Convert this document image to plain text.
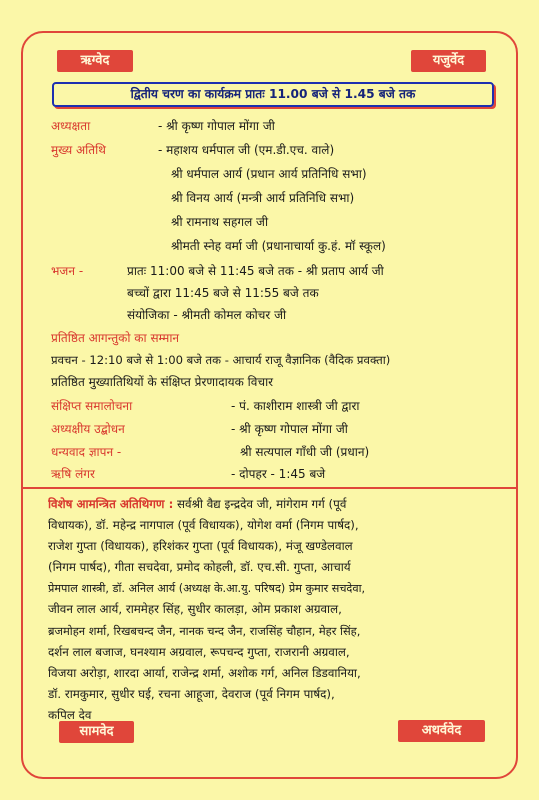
ऋग्वेद	यजुर्वेद
सामवेद	अथर्ववेद
द्वितीय चरण का कार्यक्रम प्रातः 11.00 बजे से 1.45 बजे तक
अध्यक्षता	- श्री कृष्ण गोपाल मोंगा जी
मुख्य अतिथि	- महाशय धर्मपाल जी (एम.डी.एच. वाले)
श्री धर्मपाल आर्य (प्रधान आर्य प्रतिनिधि सभा)
श्री विनय आर्य (मन्त्री आर्य प्रतिनिधि सभा)
श्री रामनाथ सहगल जी
श्रीमती स्नेह वर्मा जी (प्रधानाचार्या कु.हं. मॉ स्कूल)
भजन -	प्रातः 11:00 बजे से 11:45 बजे तक - श्री प्रताप आर्य जी
बच्चों द्वारा 11:45 बजे से 11:55 बजे तक
संयोजिका - श्रीमती कोमल कोचर जी
प्रतिष्ठित आगन्तुको का सम्मान
प्रवचन - 12:10 बजे से 1:00 बजे तक - आचार्य राजू वैज्ञानिक (वैदिक प्रवक्ता)
प्रतिष्ठित मुख्यातिथियों के संक्षिप्त प्रेरणादायक विचार
संक्षिप्त समालोचना	- पं. काशीराम शास्त्री जी द्वारा
अध्यक्षीय उद्बोधन	- श्री कृष्ण गोपाल मोंगा जी
धन्यवाद ज्ञापन -	श्री सत्यपाल गाँधी जी (प्रधान)
ऋषि लंगर	- दोपहर - 1:45 बजे
विशेष आमन्त्रित अतिथिगण : सर्वश्री वैद्य इन्द्रदेव जी, मांगेराम गर्ग (पूर्व
विधायक), डॉ. महेन्द्र नागपाल (पूर्व विधायक), योगेश वर्मा (निगम पार्षद),
राजेश गुप्ता (विधायक), हरिशंकर गुप्ता (पूर्व विधायक), मंजू खण्डेलवाल
(निगम पार्षद), गीता सचदेवा, प्रमोद कोहली, डॉ. एच.सी. गुप्ता, आचार्य
प्रेमपाल शास्त्री, डॉ. अनिल आर्य (अध्यक्ष के.आ.यु. परिषद) प्रेम कुमार सचदेवा,
जीवन लाल आर्य, राममेहर सिंह, सुधीर कालड़ा, ओम प्रकाश अग्रवाल,
ब्रजमोहन शर्मा, रिखबचन्द जैन, नानक चन्द जैन, राजसिंह चौहान, मेहर सिंह,
दर्शन लाल बजाज, घनश्याम अग्रवाल, रूपचन्द गुप्ता, राजरानी अग्रवाल,
विजया अरोड़ा, शारदा आर्या, राजेन्द्र शर्मा, अशोक गर्ग, अनिल डिडवानिया,
डॉ. रामकुमार, सुधीर घई, रचना आहूजा, देवराज (पूर्व निगम पार्षद),
कपिल देव
